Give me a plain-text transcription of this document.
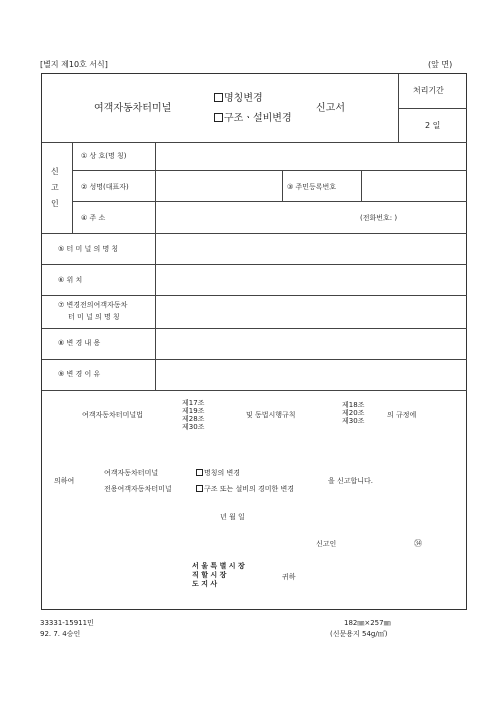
[별지 제10호 서식]	(앞 면)
여객자동차터미널
명칭변경
구조ㆍ설비변경
신고서
처리기간
2 일
신
고
인
① 상 호(명 칭)
② 성명(대표자)	③ 주민등록번호
④ 주 소	(전화번호: )
⑤ 터 미 널 의 명 칭
⑥ 위 치
⑦ 변경전의여객자동차
터 미 널 의 명 칭
⑧ 변 경 내 용
⑨ 변 경 이 유
여객자동차터미널법
제17조
제19조
제28조
제30조
및 동법시행규칙
제18조
제20조
제30조
의 규정에
의하여
여객자동차터미널
전용여객자동차터미널
명칭의 변경
구조 또는 설비의 경미한 변경
을 신고합니다.
년 월 일
신고인	㉞
서 울 특 별 시 장
직 할 시 장
도 지 사
귀하
33331-15911민
92. 7. 4승인
182㎜×257㎜
(신문용지 54g/㎡)
